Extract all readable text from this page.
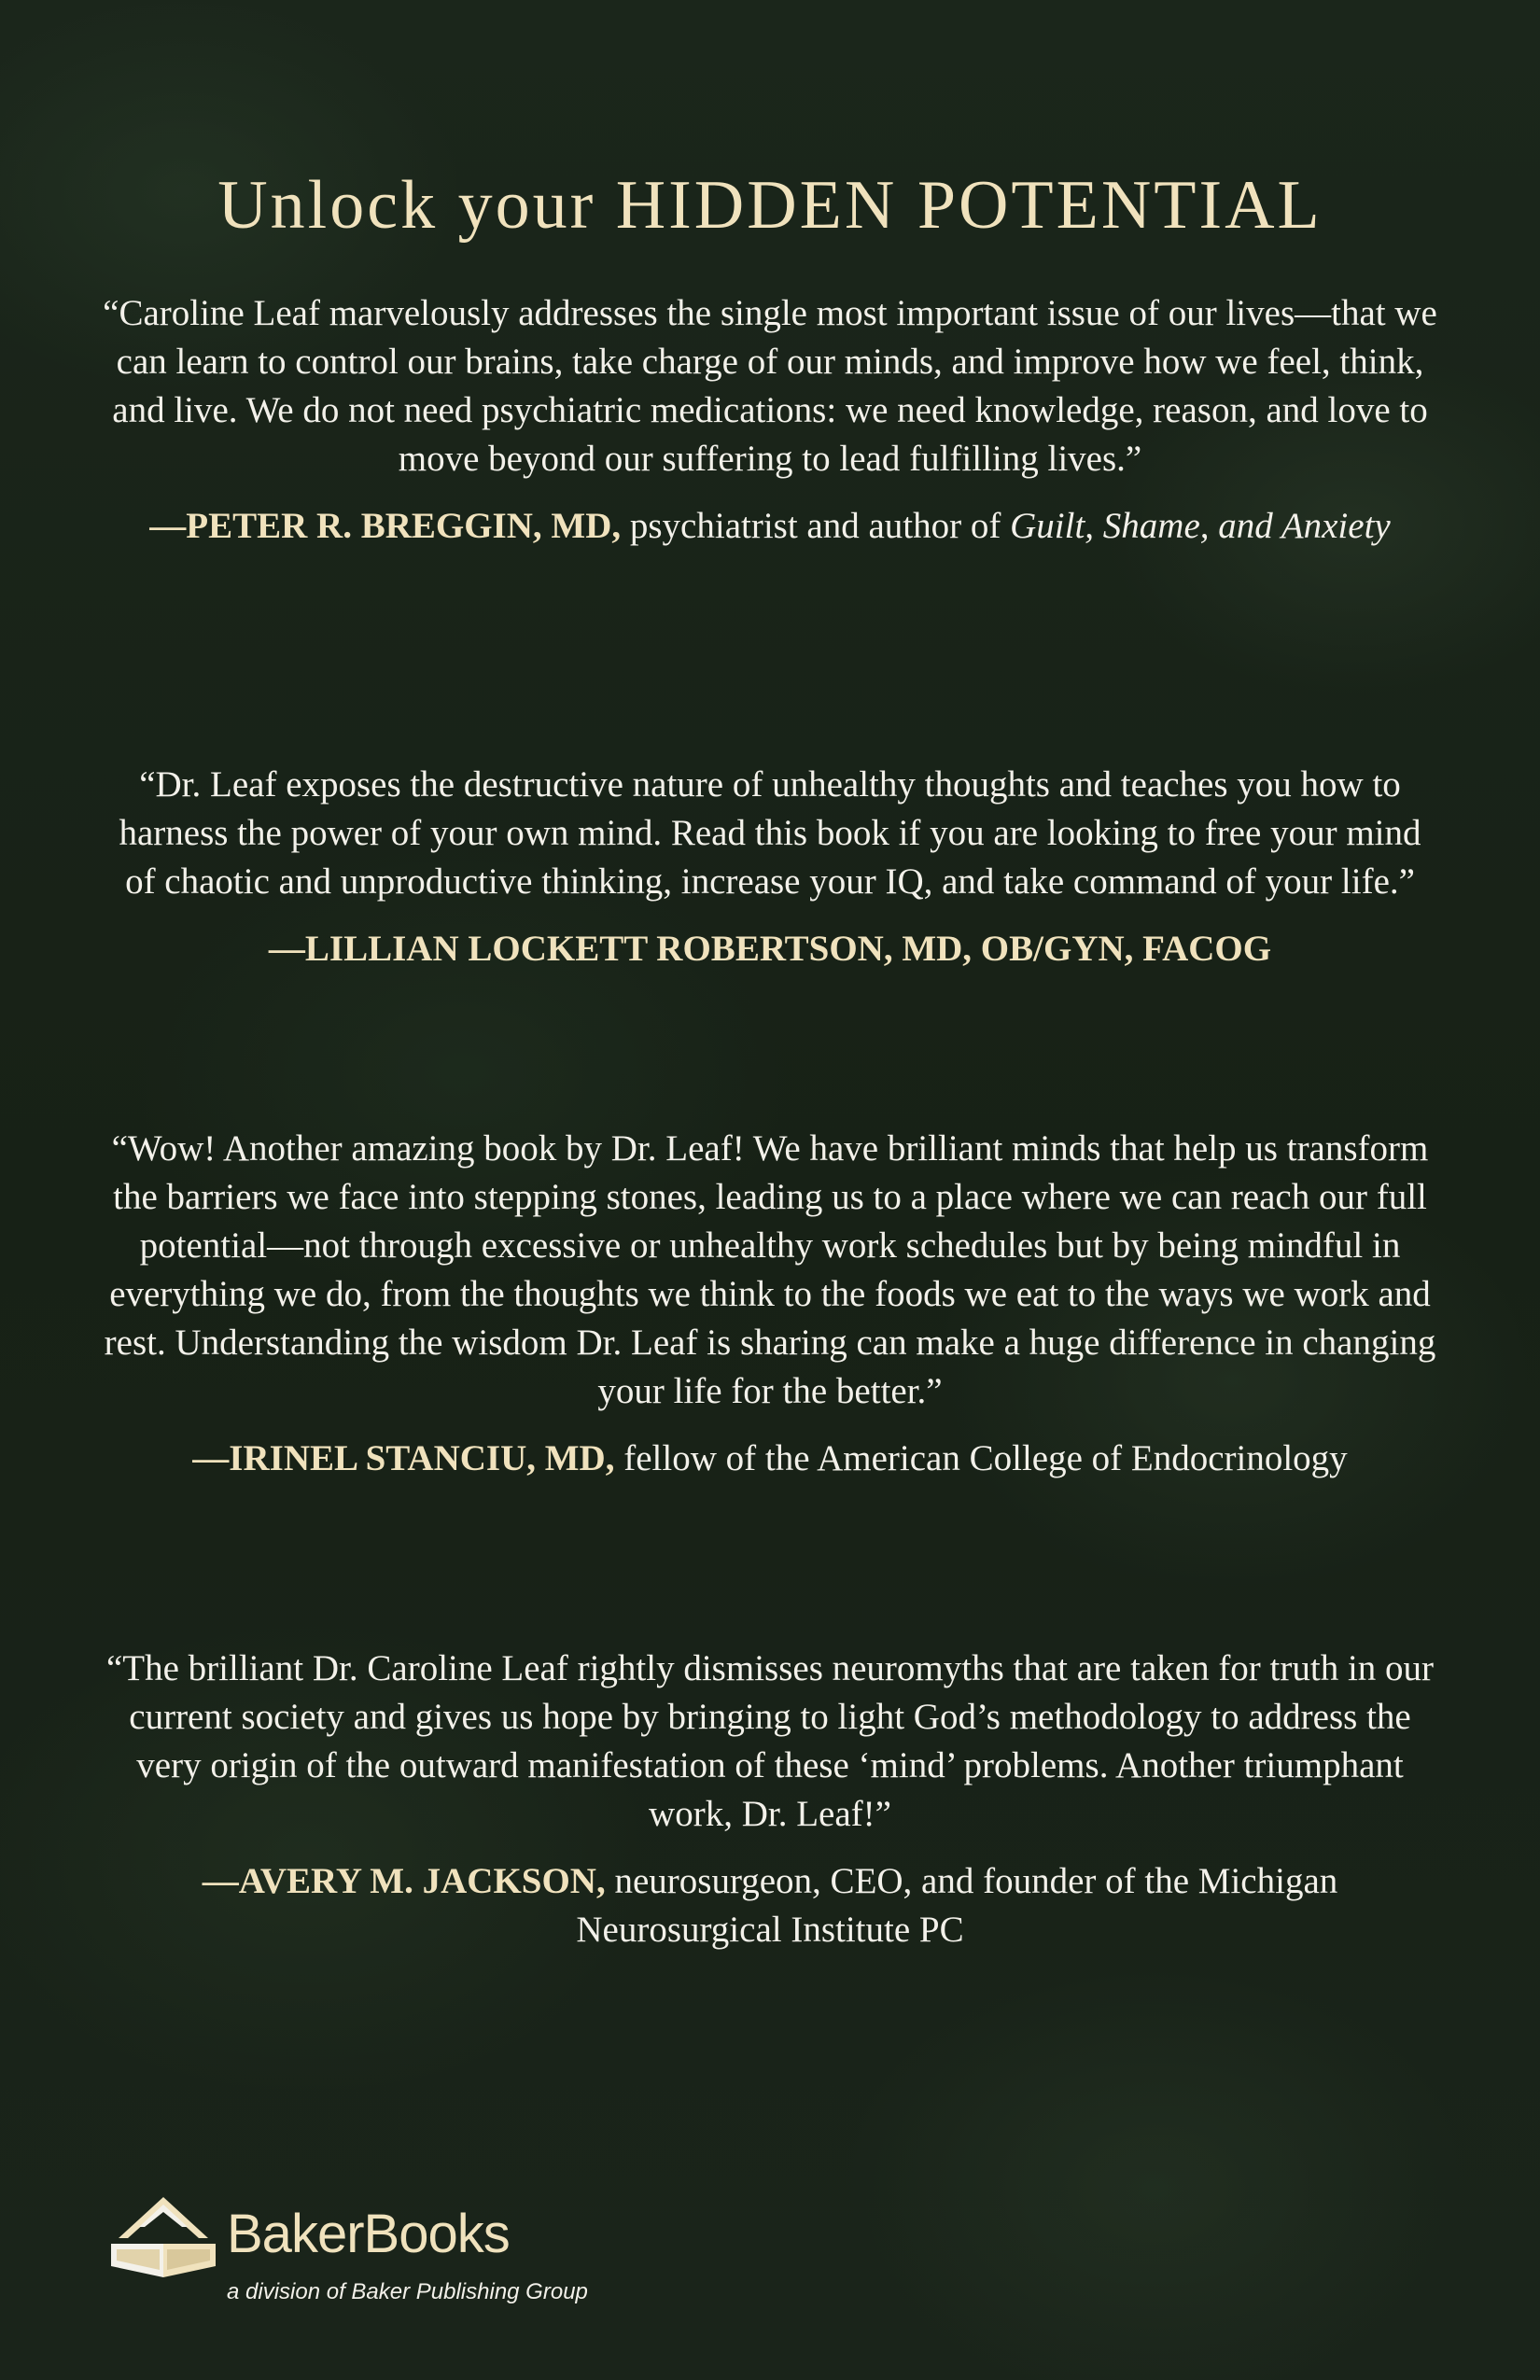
Unlock your HIDDEN POTENTIAL

“Caroline Leaf marvelously addresses the single most important issue of our lives—that we can learn to control our brains, take charge of our minds, and improve how we feel, think, and live. We do not need psychiatric medications: we need knowledge, reason, and love to move beyond our suffering to lead fulfilling lives.”

—PETER R. BREGGIN, MD, psychiatrist and author of Guilt, Shame, and Anxiety

“Dr. Leaf exposes the destructive nature of unhealthy thoughts and teaches you how to harness the power of your own mind. Read this book if you are looking to free your mind of chaotic and unproductive thinking, increase your IQ, and take command of your life.”

—LILLIAN LOCKETT ROBERTSON, MD, OB/GYN, FACOG

“Wow! Another amazing book by Dr. Leaf! We have brilliant minds that help us transform the barriers we face into stepping stones, leading us to a place where we can reach our full potential—not through excessive or unhealthy work schedules but by being mindful in everything we do, from the thoughts we think to the foods we eat to the ways we work and rest. Understanding the wisdom Dr. Leaf is sharing can make a huge difference in changing your life for the better.”

—IRINEL STANCIU, MD, fellow of the American College of Endocrinology

“The brilliant Dr. Caroline Leaf rightly dismisses neuromyths that are taken for truth in our current society and gives us hope by bringing to light God’s methodology to address the very origin of the outward manifestation of these ‘mind’ problems. Another triumphant work, Dr. Leaf!”

—AVERY M. JACKSON, neurosurgeon, CEO, and founder of the Michigan Neurosurgical Institute PC

BakerBooks
a division of Baker Publishing Group
